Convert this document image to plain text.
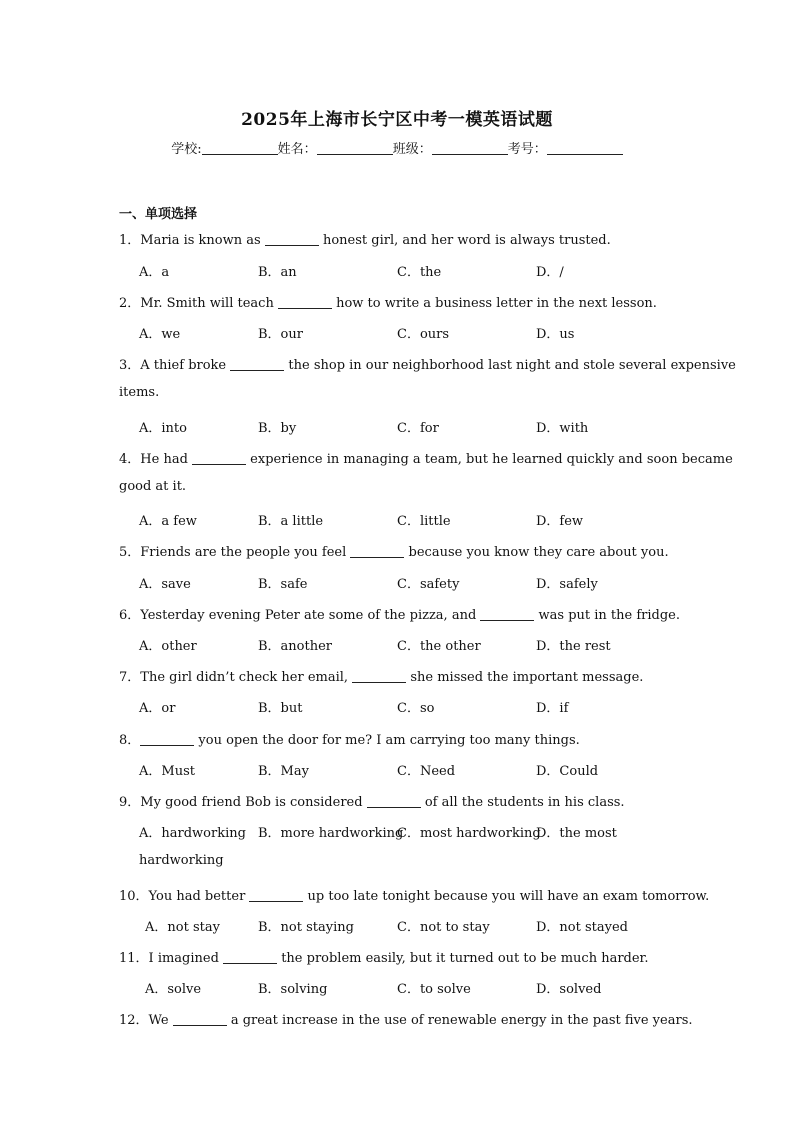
2025年上海市长宁区中考一模英语试题
学校:	姓名：	班级：	考号：
一、单项选择
1．Maria is known as	honest girl, and her word is always trusted.
A．a	B．an	C．the	D．/
2．Mr. Smith will teach	how to write a business letter in the next lesson.
A．we	B．our	C．ours	D．us
3．A thief broke	the shop in our neighborhood last night and stole several expensive
items.
A．into	B．by	C．for	D．with
4．He had	experience in managing a team, but he learned quickly and soon became
good at it.
A．a few	B．a little	C．little	D．few
5．Friends are the people you feel	because you know they care about you.
A．save	B．safe	C．safety	D．safely
6．Yesterday evening Peter ate some of the pizza, and	was put in the fridge.
A．other	B．another	C．the other	D．the rest
7．The girl didn’t check her email,	she missed the important message.
A．or	B．but	C．so	D．if
8．	you open the door for me? I am carrying too many things.
A．Must	B．May	C．Need	D．Could
9．My good friend Bob is considered	of all the students in his class.
A．hardworking B．more hardworking
C．most hardworking
D．the most
hardworking
10．You had better	up too late tonight because you will have an exam tomorrow.
A．not stay	B．not staying	C．not to stay	D．not stayed
11．I imagined	the problem easily, but it turned out to be much harder.
A．solve	B．solving	C．to solve	D．solved
12．We	a great increase in the use of renewable energy in the past five years.
